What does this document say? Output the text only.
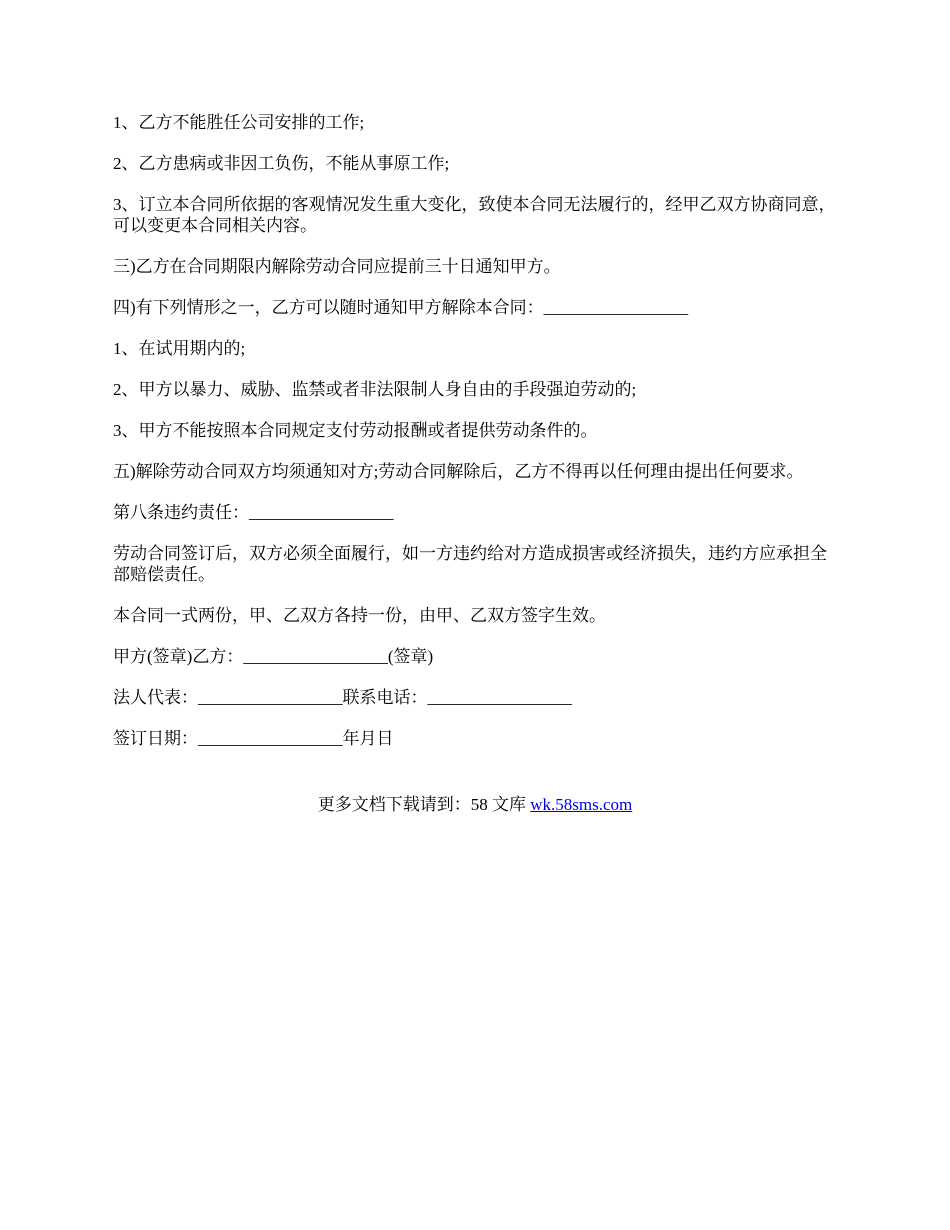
1、乙方不能胜任公司安排的工作;

2、乙方患病或非因工负伤，不能从事原工作;

3、订立本合同所依据的客观情况发生重大变化，致使本合同无法履行的，经甲乙双方协商同意，可以变更本合同相关内容。

三)乙方在合同期限内解除劳动合同应提前三十日通知甲方。

四)有下列情形之一，乙方可以随时通知甲方解除本合同：_________________

1、在试用期内的;

2、甲方以暴力、威胁、监禁或者非法限制人身自由的手段强迫劳动的;

3、甲方不能按照本合同规定支付劳动报酬或者提供劳动条件的。

五)解除劳动合同双方均须通知对方;劳动合同解除后，乙方不得再以任何理由提出任何要求。

第八条违约责任：_________________

劳动合同签订后，双方必须全面履行，如一方违约给对方造成损害或经济损失，违约方应承担全部赔偿责任。

本合同一式两份，甲、乙双方各持一份，由甲、乙双方签字生效。

甲方(签章)乙方：_________________(签章)

法人代表：_________________联系电话：_________________

签订日期：_________________年月日

更多文档下载请到：58 文库 wk.58sms.com
